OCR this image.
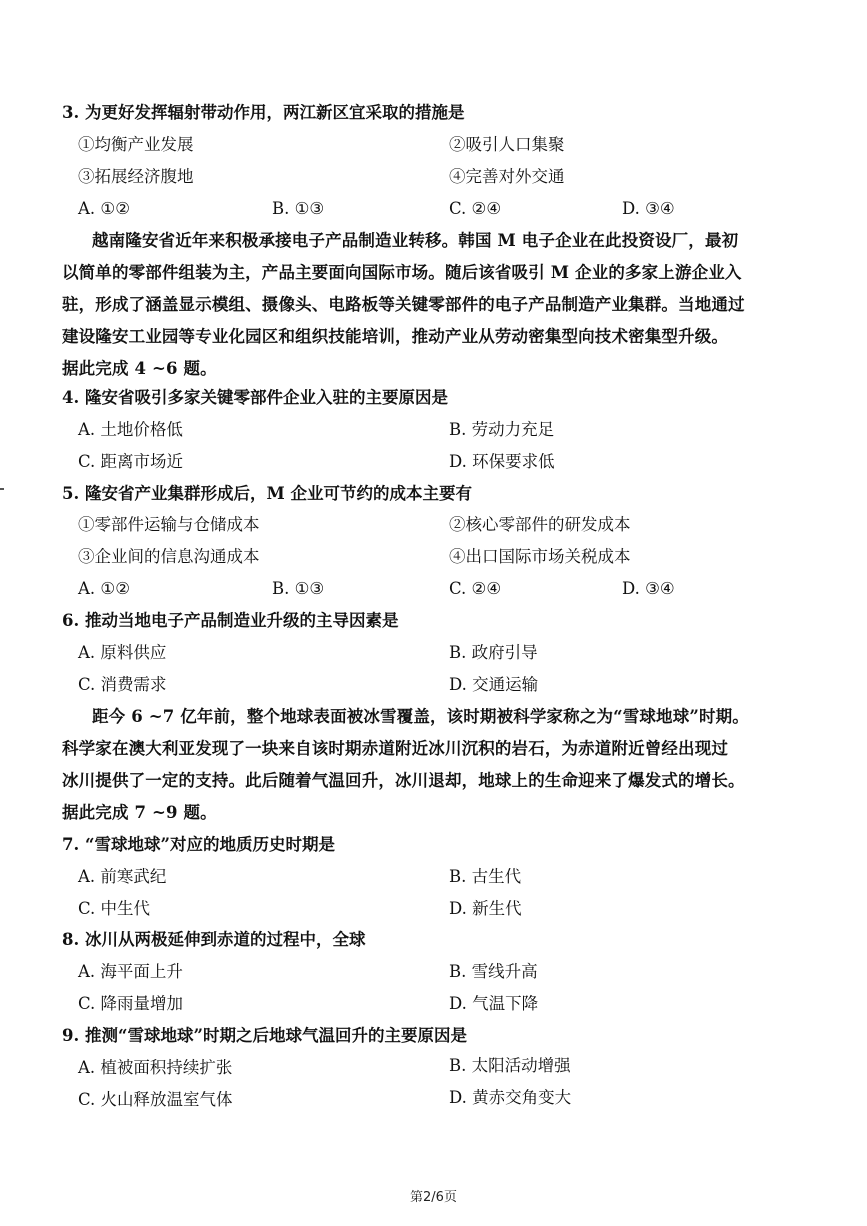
3. 为更好发挥辐射带动作用，两江新区宜采取的措施是
①均衡产业发展	②吸引人口集聚
③拓展经济腹地	④完善对外交通
A. ①②	B. ①③	C. ②④	D. ③④
越南隆安省近年来积极承接电子产品制造业转移。韩国 M 电子企业在此投资设厂，最初
以简单的零部件组装为主，产品主要面向国际市场。随后该省吸引 M 企业的多家上游企业入
驻，形成了涵盖显示模组、摄像头、电路板等关键零部件的电子产品制造产业集群。当地通过
建设隆安工业园等专业化园区和组织技能培训，推动产业从劳动密集型向技术密集型升级。
据此完成 4 ~6 题。
4. 隆安省吸引多家关键零部件企业入驻的主要原因是
A. 土地价格低	B. 劳动力充足
C. 距离市场近	D. 环保要求低
5. 隆安省产业集群形成后，M 企业可节约的成本主要有
①零部件运输与仓储成本	②核心零部件的研发成本
③企业间的信息沟通成本	④出口国际市场关税成本
A. ①②	B. ①③	C. ②④	D. ③④
6. 推动当地电子产品制造业升级的主导因素是
A. 原料供应	B. 政府引导
C. 消费需求	D. 交通运输
距今 6 ~7 亿年前，整个地球表面被冰雪覆盖，该时期被科学家称之为“雪球地球”时期。
科学家在澳大利亚发现了一块来自该时期赤道附近冰川沉积的岩石，为赤道附近曾经出现过
冰川提供了一定的支持。此后随着气温回升，冰川退却，地球上的生命迎来了爆发式的增长。
据此完成 7 ~9 题。
7. “雪球地球”对应的地质历史时期是
A. 前寒武纪	B. 古生代
C. 中生代	D. 新生代
8. 冰川从两极延伸到赤道的过程中，全球
A. 海平面上升	B. 雪线升高
C. 降雨量增加	D. 气温下降
9. 推测“雪球地球”时期之后地球气温回升的主要原因是
A. 植被面积持续扩张	B. 太阳活动增强
C. 火山释放温室气体	D. 黄赤交角变大
第2/6页
